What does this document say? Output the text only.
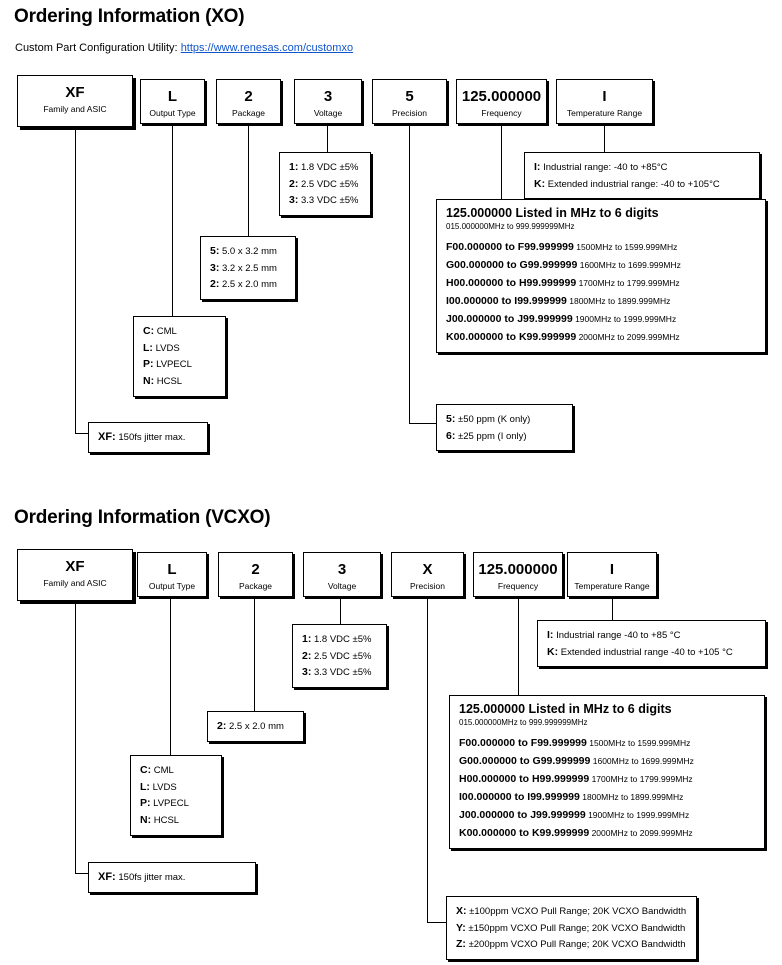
Ordering Information (XO)
Custom Part Configuration Utility: https://www.renesas.com/customxo
XF
Family and ASIC
L
Output Type
2
Package
3
Voltage
5
Precision
125.000000
Frequency
I
Temperature Range
I: Industrial range: -40 to +85°C
K: Extended industrial range: -40 to +105°C
1: 1.8 VDC ±5%
2: 2.5 VDC ±5%
3: 3.3 VDC ±5%
5: 5.0 x 3.2 mm
3: 3.2 x 2.5 mm
2: 2.5 x 2.0 mm
C: CML
L: LVDS
P: LVPECL
N: HCSL
XF: 150fs jitter max.
125.000000 Listed in MHz to 6 digits
015.000000MHz to 999.999999MHz
F00.000000 to F99.999999 1500MHz to 1599.999MHz
G00.000000 to G99.999999 1600MHz to 1699.999MHz
H00.000000 to H99.999999 1700MHz to 1799.999MHz
I00.000000 to I99.999999 1800MHz to 1899.999MHz
J00.000000 to J99.999999 1900MHz to 1999.999MHz
K00.000000 to K99.999999 2000MHz to 2099.999MHz
5: ±50 ppm (K only)
6: ±25 ppm (I only)
Ordering Information (VCXO)
XF
Family and ASIC
L
Output Type
2
Package
3
Voltage
X
Precision
125.000000
Frequency
I
Temperature Range
I: Industrial range -40 to +85 °C
K: Extended industrial range -40 to +105 °C
1: 1.8 VDC ±5%
2: 2.5 VDC ±5%
3: 3.3 VDC ±5%
2: 2.5 x 2.0 mm
C: CML
L: LVDS
P: LVPECL
N: HCSL
XF: 150fs jitter max.
125.000000 Listed in MHz to 6 digits
015.000000MHz to 999.999999MHz
F00.000000 to F99.999999 1500MHz to 1599.999MHz
G00.000000 to G99.999999 1600MHz to 1699.999MHz
H00.000000 to H99.999999 1700MHz to 1799.999MHz
I00.000000 to I99.999999 1800MHz to 1899.999MHz
J00.000000 to J99.999999 1900MHz to 1999.999MHz
K00.000000 to K99.999999 2000MHz to 2099.999MHz
X: ±100ppm VCXO Pull Range; 20K VCXO Bandwidth
Y: ±150ppm VCXO Pull Range; 20K VCXO Bandwidth
Z: ±200ppm VCXO Pull Range; 20K VCXO Bandwidth
